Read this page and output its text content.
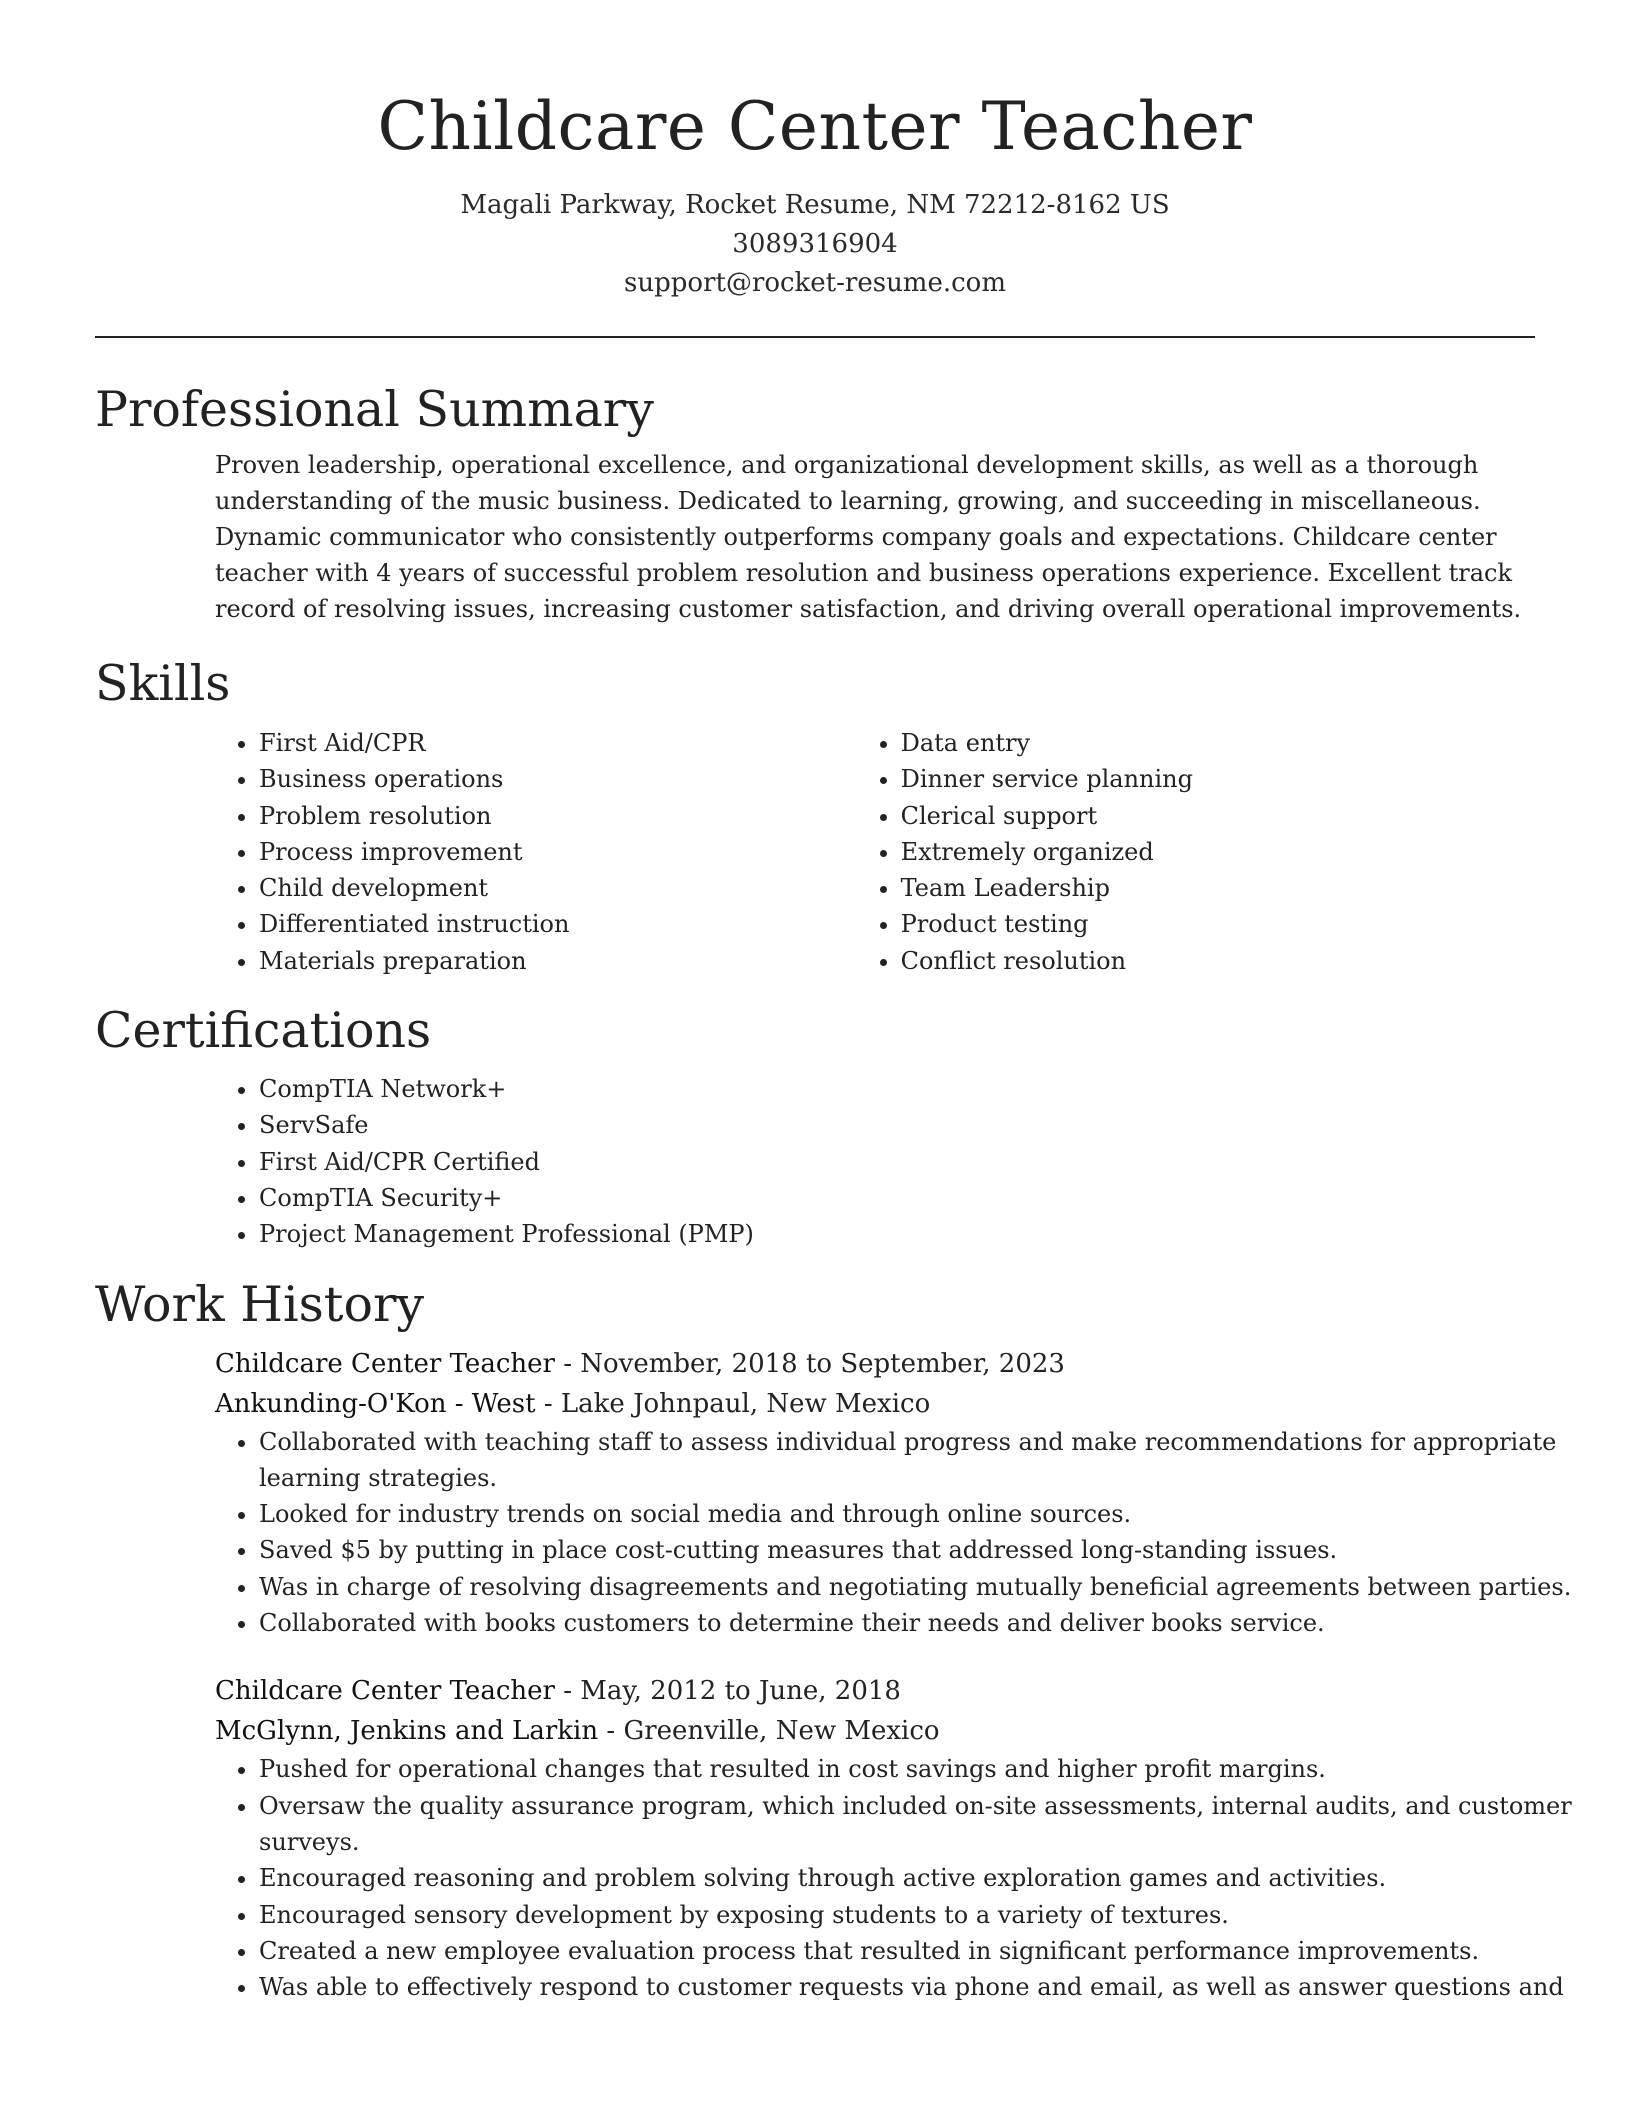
Childcare Center Teacher
Magali Parkway, Rocket Resume, NM 72212-8162 US
3089316904
support@rocket-resume.com
Professional Summary
Proven leadership, operational excellence, and organizational development skills, as well as a thorough understanding of the music business. Dedicated to learning, growing, and succeeding in miscellaneous. Dynamic communicator who consistently outperforms company goals and expectations. Childcare center teacher with 4 years of successful problem resolution and business operations experience. Excellent track record of resolving issues, increasing customer satisfaction, and driving overall operational improvements.
Skills
• First Aid/CPR
• Business operations
• Problem resolution
• Process improvement
• Child development
• Differentiated instruction
• Materials preparation
• Data entry
• Dinner service planning
• Clerical support
• Extremely organized
• Team Leadership
• Product testing
• Conflict resolution
Certifications
• CompTIA Network+
• ServSafe
• First Aid/CPR Certified
• CompTIA Security+
• Project Management Professional (PMP)
Work History
Childcare Center Teacher - November, 2018 to September, 2023
Ankunding-O'Kon - West - Lake Johnpaul, New Mexico
• Collaborated with teaching staff to assess individual progress and make recommendations for appropriate learning strategies.
• Looked for industry trends on social media and through online sources.
• Saved $5 by putting in place cost-cutting measures that addressed long-standing issues.
• Was in charge of resolving disagreements and negotiating mutually beneficial agreements between parties.
• Collaborated with books customers to determine their needs and deliver books service.
Childcare Center Teacher - May, 2012 to June, 2018
McGlynn, Jenkins and Larkin - Greenville, New Mexico
• Pushed for operational changes that resulted in cost savings and higher profit margins.
• Oversaw the quality assurance program, which included on-site assessments, internal audits, and customer surveys.
• Encouraged reasoning and problem solving through active exploration games and activities.
• Encouraged sensory development by exposing students to a variety of textures.
• Created a new employee evaluation process that resulted in significant performance improvements.
• Was able to effectively respond to customer requests via phone and email, as well as answer questions and
